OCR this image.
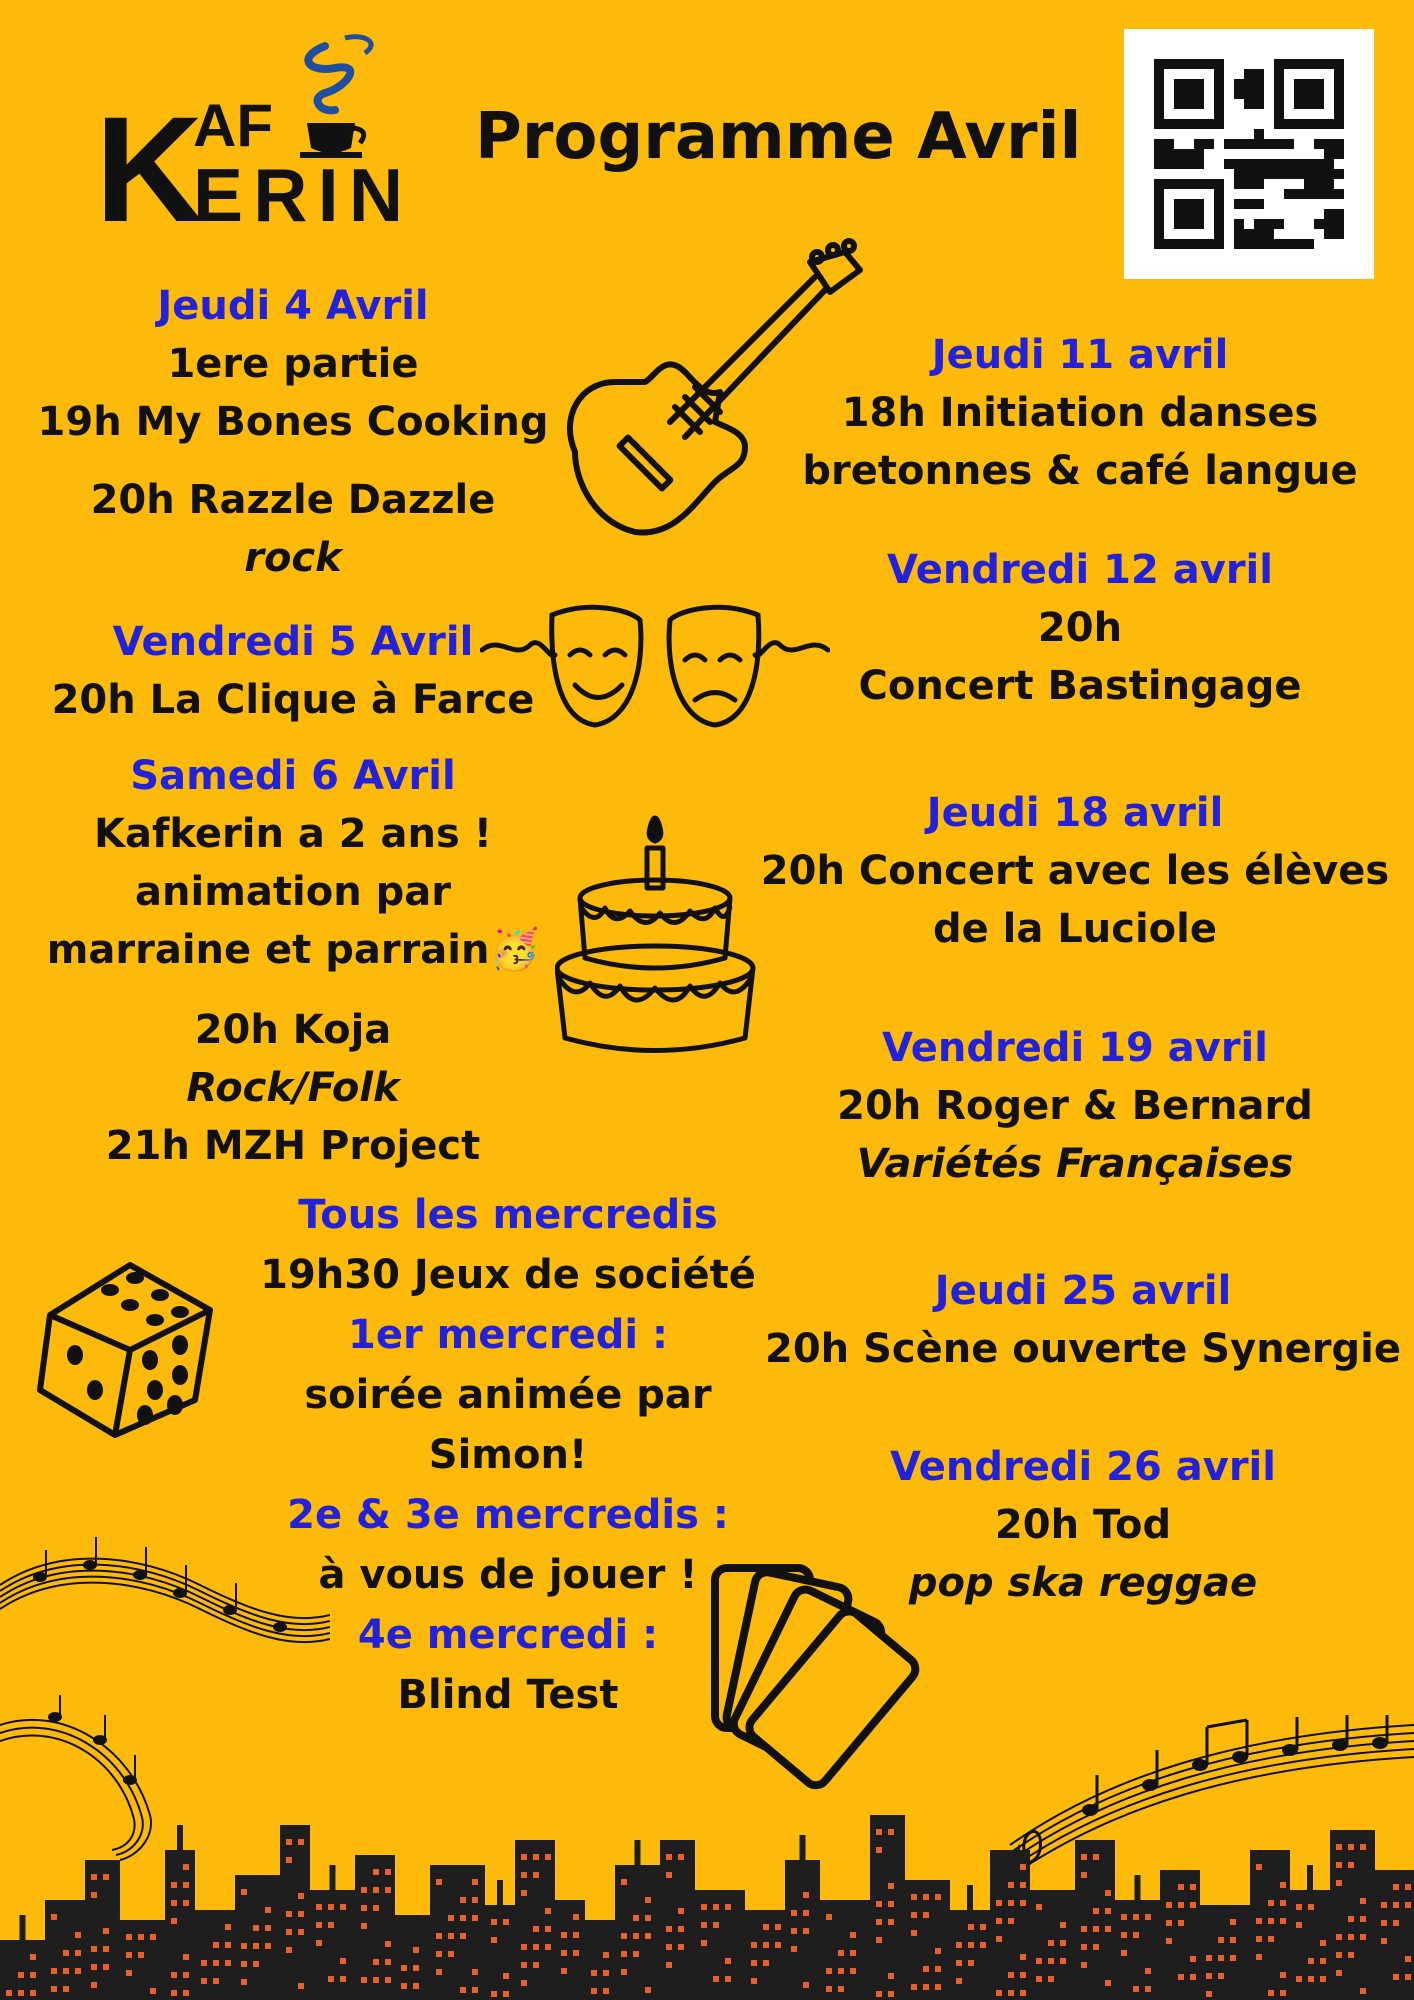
K
AF
ERIN
Programme Avril
Jeudi 4 Avril
1ere partie
19h My Bones Cooking
20h Razzle Dazzle
rock
Vendredi 5 Avril
20h La Clique à Farce
Samedi 6 Avril
Kafkerin a 2 ans !
animation par
marraine et parrain🥳
20h Koja
Rock/Folk
21h MZH Project
Tous les mercredis
19h30 Jeux de société
1er mercredi :
soirée animée par
Simon!
2e & 3e mercredis :
à vous de jouer !
4e mercredi :
Blind Test
Jeudi 11 avril
18h Initiation danses
bretonnes & café langue
Vendredi 12 avril
20h
Concert Bastingage
Jeudi 18 avril
20h Concert avec les élèves
de la Luciole
Vendredi 19 avril
20h Roger & Bernard
Variétés Françaises
Jeudi 25 avril
20h Scène ouverte Synergie
Vendredi 26 avril
20h Tod
pop ska reggae
